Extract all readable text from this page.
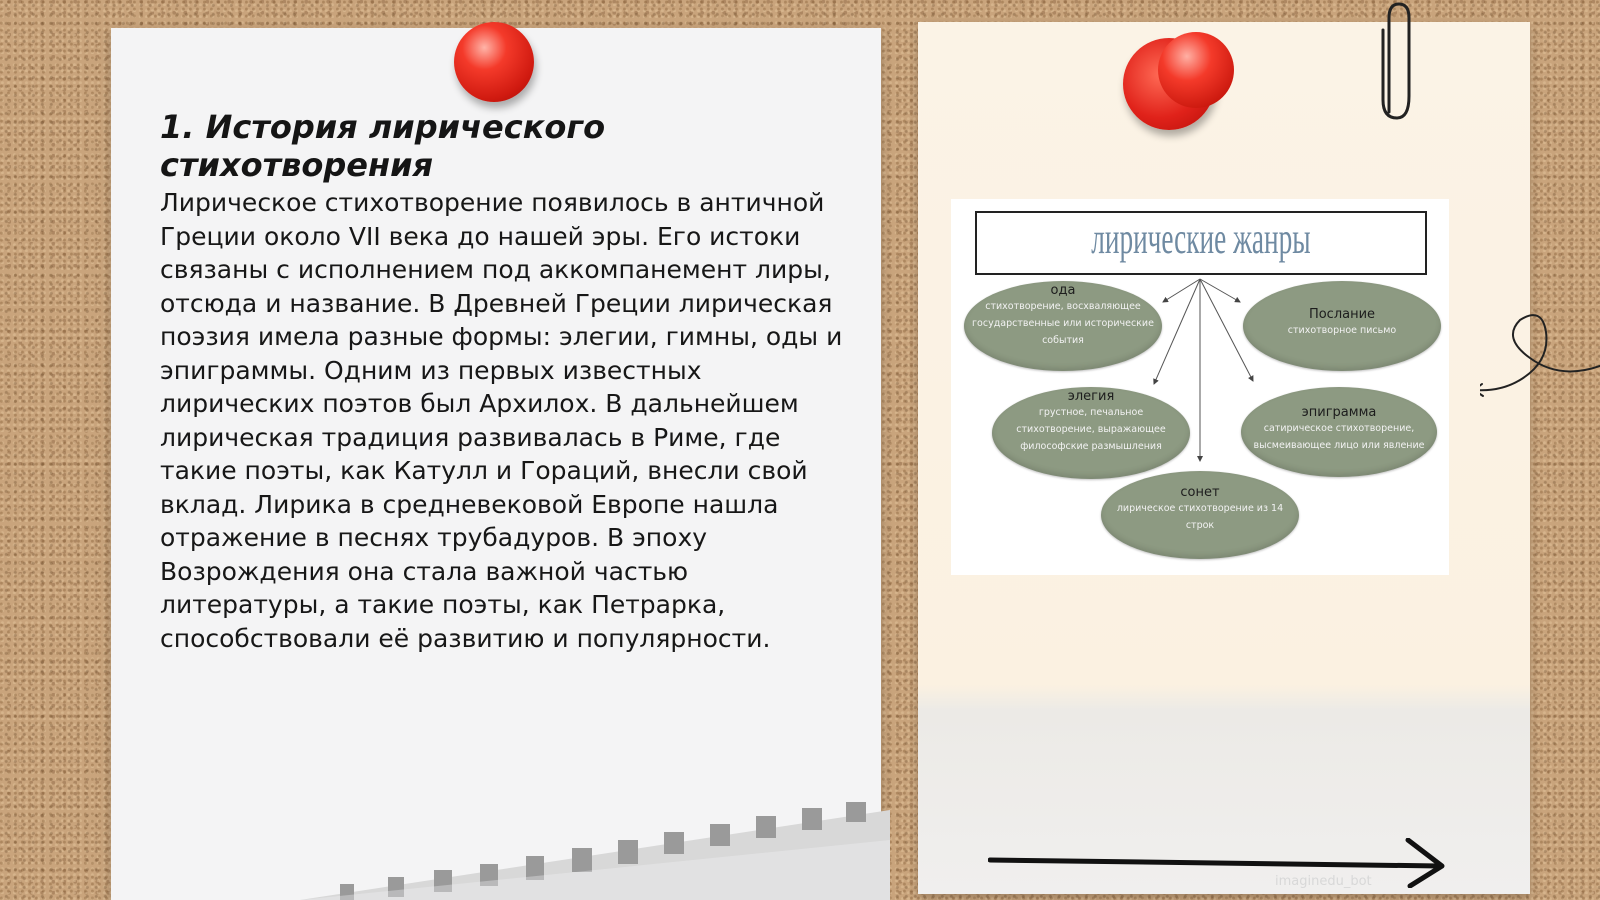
1. История лирического стихотворения

Лирическое стихотворение появилось в античной Греции около VII века до нашей эры. Его истоки связаны с исполнением под аккомпанемент лиры, отсюда и название. В Древней Греции лирическая поэзия имела разные формы: элегии, гимны, оды и эпиграммы. Одним из первых известных лирических поэтов был Архилох. В дальнейшем лирическая традиция развивалась в Риме, где такие поэты, как Катулл и Гораций, внесли свой вклад. Лирика в средневековой Европе нашла отражение в песнях трубадуров. В эпоху Возрождения она стала важной частью литературы, а такие поэты, как Петрарка, способствовали её развитию и популярности.

лирические жанры
ода
стихотворение, восхваляющее государственные или исторические события
Послание
стихотворное письмо
элегия
грустное, печальное стихотворение, выражающее философские размышления
эпиграмма
сатирическое стихотворение, высмеивающее лицо или явление
сонет
лирическое стихотворение из 14 строк
imaginedu_bot
